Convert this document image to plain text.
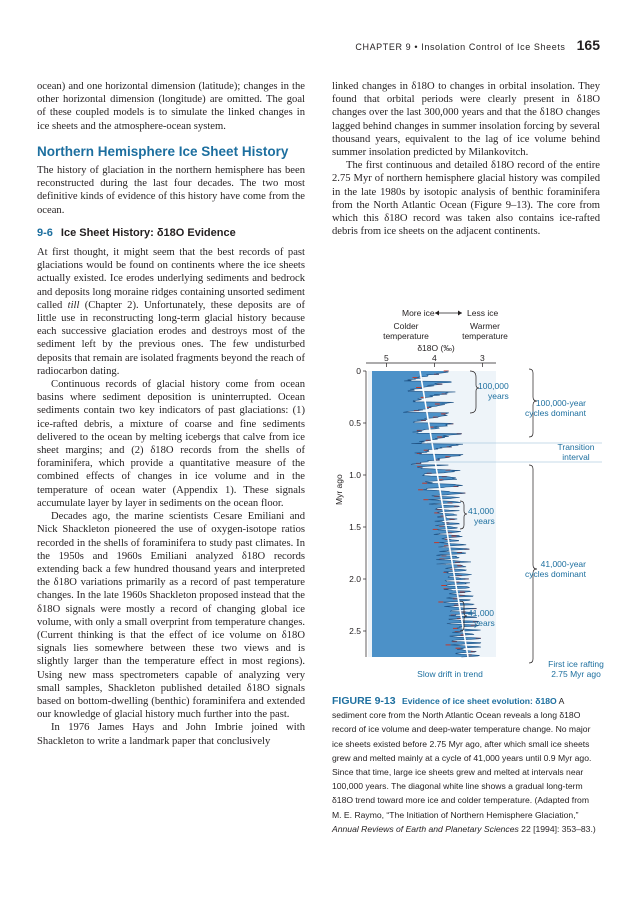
CHAPTER 9 • Insolation Control of Ice Sheets 165

ocean) and one horizontal dimension (latitude); changes in the other horizontal dimension (longitude) are omitted. The goal of these coupled models is to simulate the linked changes in ice sheets and the atmosphere-ocean system.

Northern Hemisphere Ice Sheet History

The history of glaciation in the northern hemisphere has been reconstructed during the last four decades. The two most definitive kinds of evidence of this history have come from the ocean.

9-6 Ice Sheet History: δ18O Evidence

At first thought, it might seem that the best records of past glaciations would be found on continents where the ice sheets actually existed. Ice erodes underlying sediments and bedrock and deposits long moraine ridges containing unsorted sediment called till (Chapter 2). Unfortunately, these deposits are of little use in reconstructing long-term glacial history because each successive glaciation erodes and destroys most of the sediment left by the previous ones. The few undisturbed deposits that remain are isolated fragments beyond the reach of radiocarbon dating.

Continuous records of glacial history come from ocean basins where sediment deposition is uninterrupted. Ocean sediments contain two key indicators of past glaciations: (1) ice-rafted debris, a mixture of coarse and fine sediments delivered to the ocean by melting icebergs that calve from ice sheet margins; and (2) δ18O records from the shells of foraminifera, which provide a quantitative measure of the combined effects of changes in ice volume and in the temperature of ocean water (Appendix 1). These signals accumulate layer by layer in sediments on the ocean floor.

Decades ago, the marine scientists Cesare Emiliani and Nick Shackleton pioneered the use of oxygen-isotope ratios recorded in the shells of foraminifera to study past climates. In the 1950s and 1960s Emiliani analyzed δ18O records extending back a few hundred thousand years and interpreted the δ18O variations primarily as a record of past temperature changes. In the late 1960s Shackleton proposed instead that the δ18O signals were mostly a record of changing global ice volume, with only a small overprint from temperature changes. (Current thinking is that the effect of ice volume on δ18O signals lies somewhere between these two views and is slightly larger than the temperature effect in most regions). Using new mass spectrometers capable of analyzing very small samples, Shackleton published detailed δ18O signals based on bottom-dwelling (benthic) foraminifera and extended our knowledge of glacial history much further into the past.

In 1976 James Hays and John Imbrie joined with Shackleton to write a landmark paper that conclusively

linked changes in δ18O to changes in orbital insolation. They found that orbital periods were clearly present in δ18O changes over the last 300,000 years and that the δ18O changes lagged behind changes in summer insolation forcing by several thousand years, equivalent to the lag of ice volume behind summer insolation predicted by Milankovitch.

The first continuous and detailed δ18O record of the entire 2.75 Myr of northern hemisphere glacial history was compiled in the late 1980s by isotopic analysis of benthic foraminifera from the North Atlantic Ocean (Figure 9–13). The core from which this δ18O record was taken also contains ice-rafted debris from ice sheets on the adjacent continents.

More ice	Less ice
Colder
temperature
Warmer
temperature
δ18O (‰)
0
0.5
1.0
1.5
2.0
2.5
5	4	3
Myr ago
100,000
years
41,000
years
41,000
years
100,000-year
cycles dominant
Transition
interval
41,000-year
cycles dominant
First ice rafting
2.75 Myr ago
Slow drift in trend
FIGURE 9-13 Evidence of ice sheet evolution: δ18O A sediment core from the North Atlantic Ocean reveals a long δ18O record of ice volume and deep-water temperature change. No major ice sheets existed before 2.75 Myr ago, after which small ice sheets grew and melted mainly at a cycle of 41,000 years until 0.9 Myr ago. Since that time, large ice sheets grew and melted at intervals near 100,000 years. The diagonal white line shows a gradual long-term δ18O trend toward more ice and colder temperature. (Adapted from M. E. Raymo, “The Initiation of Northern Hemisphere Glaciation,” Annual Reviews of Earth and Planetary Sciences 22 [1994]: 353–83.)
